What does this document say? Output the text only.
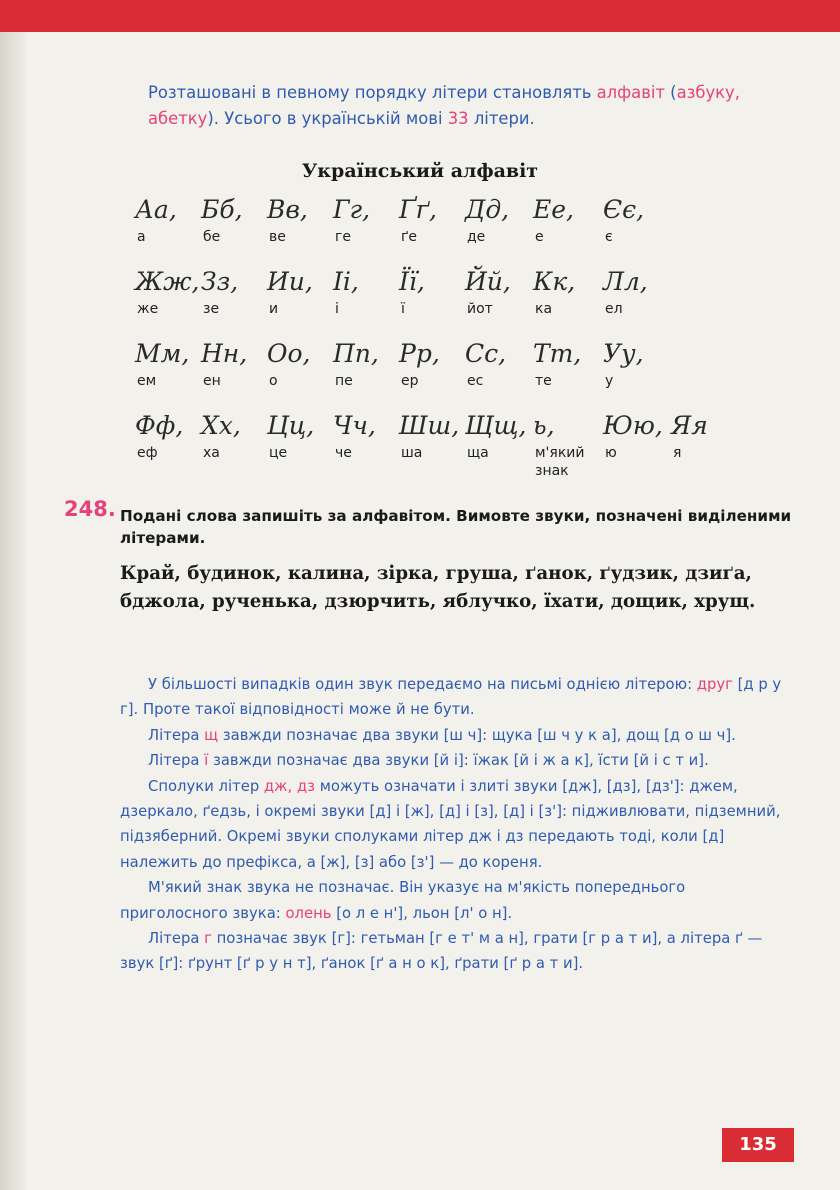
Розташовані в певному порядку літери становлять алфавіт (азбуку, абетку). Усього в українській мові 33 літери.
Український алфавіт
Аа,
а
Бб,
бе
Вв,
ве
Гг,
ге
Ґґ,
ґе
Дд,
де
Ее,
е
Єє,
є
Жж,
же
Зз,
зе
Ии,
и
Іі,
і
Її,
ї
Йй,
йот
Кк,
ка
Лл,
ел
Мм,
ем
Нн,
ен
Оо,
о
Пп,
пе
Рр,
ер
Сс,
ес
Тт,
те
Уу,
у
Фф,
еф
Хх,
ха
Цц,
це
Чч,
че
Шш,
ша
Щщ,
ща
ь,
м'який знак
Юю,
ю
Яя
я
248. Подані слова запишіть за алфавітом. Вимовте звуки, позначені виділеними літерами.
Край, будинок, калина, зірка, груша, ґанок, ґудзик, дзиґа, бджола, рученька, дзюрчить, яблучко, їхати, дощик, хрущ.

У більшості випадків один звук передаємо на письмі однією літерою: друг [д р у г]. Проте такої відповідності може й не бути.

Літера щ завжди позначає два звуки [ш ч]: щука [ш ч у к а], дощ [д о ш ч].

Літера ї завжди позначає два звуки [й і]: їжак [й і ж а к], їсти [й і с т и].

Сполуки літер дж, дз можуть означати і злиті звуки [дж], [дз], [дз']: джем, дзеркало, ґедзь, і окремі звуки [д] і [ж], [д] і [з], [д] і [з']: підживлювати, підземний, підзяберний. Окремі звуки сполуками літер дж і дз передають тоді, коли [д] належить до префікса, а [ж], [з] або [з'] — до кореня.

М'який знак звука не позначає. Він указує на м'якість попереднього приголосного звука: олень [о л е н'], льон [л' о н].

Літера г позначає звук [г]: гетьман [г е т' м а н], грати [г р а т и], а літера ґ — звук [ґ]: ґрунт [ґ р у н т], ґанок [ґ а н о к], ґрати [ґ р а т и].

135
